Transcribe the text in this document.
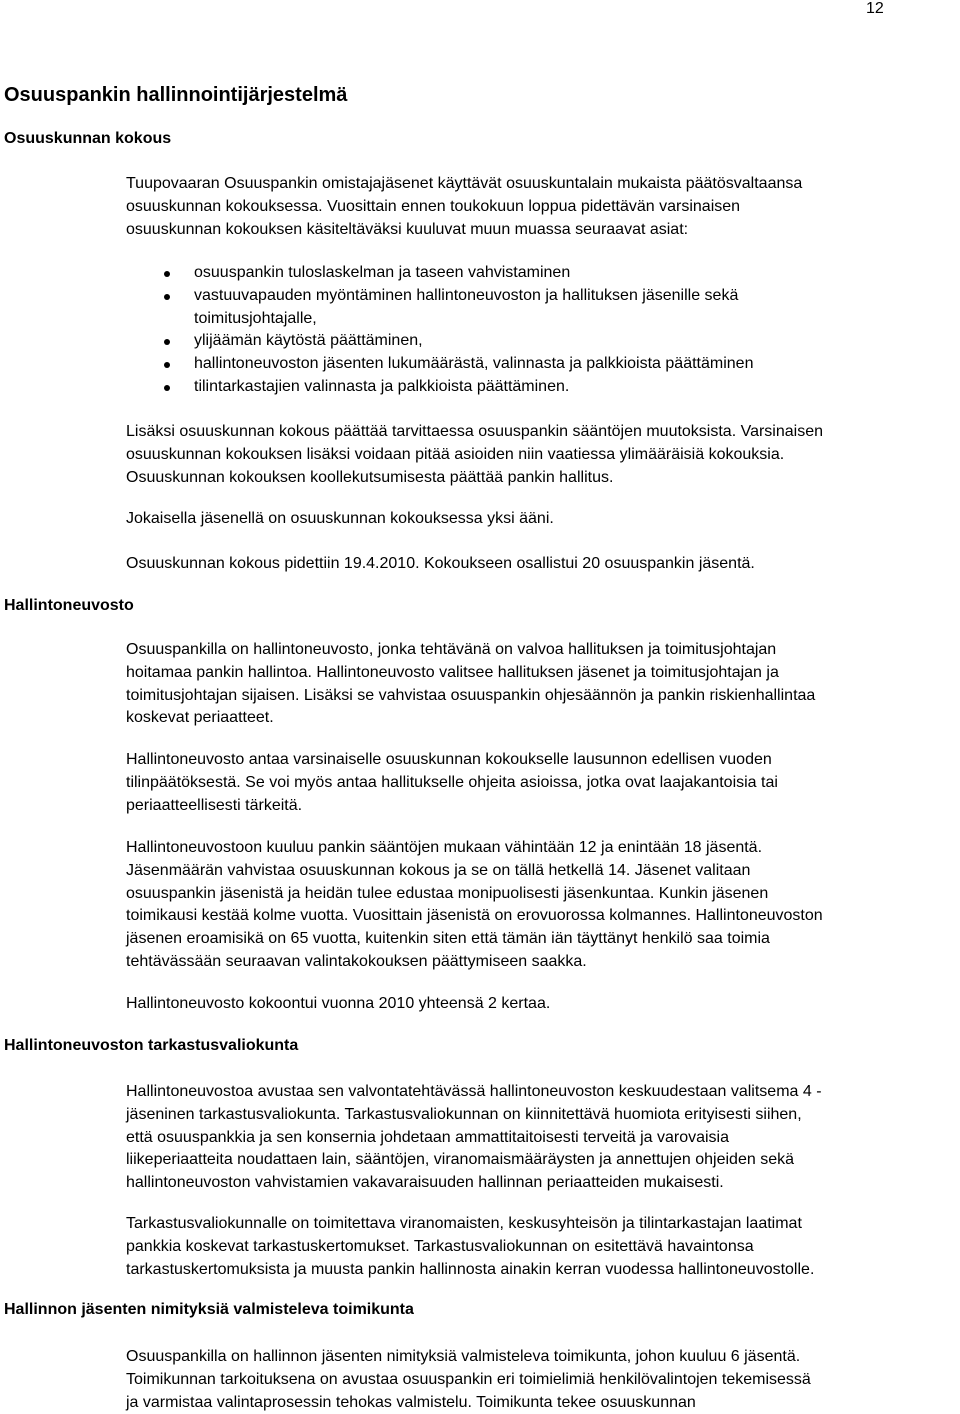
12
Osuuspankin hallinnointijärjestelmä
Osuuskunnan kokous
Tuupovaaran Osuuspankin omistajajäsenet käyttävät osuuskuntalain mukaista päätösvaltaansa
osuuskunnan kokouksessa. Vuosittain ennen toukokuun loppua pidettävän varsinaisen
osuuskunnan kokouksen käsiteltäväksi kuuluvat muun muassa seuraavat asiat:
osuuspankin tuloslaskelman ja taseen vahvistaminen
vastuuvapauden myöntäminen hallintoneuvoston ja hallituksen jäsenille sekä toimitusjohtajalle,
ylijäämän käytöstä päättäminen,
hallintoneuvoston jäsenten lukumäärästä, valinnasta ja palkkioista päättäminen
tilintarkastajien valinnasta ja palkkioista päättäminen.
Lisäksi osuuskunnan kokous päättää tarvittaessa osuuspankin sääntöjen muutoksista. Varsinaisen
osuuskunnan kokouksen lisäksi voidaan pitää asioiden niin vaatiessa ylimääräisiä kokouksia.
Osuuskunnan kokouksen koollekutsumisesta päättää pankin hallitus.
Jokaisella jäsenellä on osuuskunnan kokouksessa yksi ääni.
Osuuskunnan kokous pidettiin 19.4.2010. Kokoukseen osallistui 20 osuuspankin jäsentä.
Hallintoneuvosto
Osuuspankilla on hallintoneuvosto, jonka tehtävänä on valvoa hallituksen ja toimitusjohtajan
hoitamaa pankin hallintoa. Hallintoneuvosto valitsee hallituksen jäsenet ja toimitusjohtajan ja
toimitusjohtajan sijaisen. Lisäksi se vahvistaa osuuspankin ohjesäännön ja pankin riskienhallintaa
koskevat periaatteet.
Hallintoneuvosto antaa varsinaiselle osuuskunnan kokoukselle lausunnon edellisen vuoden
tilinpäätöksestä. Se voi myös antaa hallitukselle ohjeita asioissa, jotka ovat laajakantoisia tai
periaatteellisesti tärkeitä.
Hallintoneuvostoon kuuluu pankin sääntöjen mukaan vähintään 12 ja enintään 18 jäsentä.
Jäsenmäärän vahvistaa osuuskunnan kokous ja se on tällä hetkellä 14. Jäsenet valitaan
osuuspankin jäsenistä ja heidän tulee edustaa monipuolisesti jäsenkuntaa. Kunkin jäsenen
toimikausi kestää kolme vuotta. Vuosittain jäsenistä on erovuorossa kolmannes. Hallintoneuvoston
jäsenen eroamisikä on 65 vuotta, kuitenkin siten että tämän iän täyttänyt henkilö saa toimia
tehtävässään seuraavan valintakokouksen päättymiseen saakka.
Hallintoneuvosto kokoontui vuonna 2010 yhteensä 2 kertaa.
Hallintoneuvoston tarkastusvaliokunta
Hallintoneuvostoa avustaa sen valvontatehtävässä hallintoneuvoston keskuudestaan valitsema 4 -
jäseninen tarkastusvaliokunta. Tarkastusvaliokunnan on kiinnitettävä huomiota erityisesti siihen,
että osuuspankkia ja sen konsernia johdetaan ammattitaitoisesti terveitä ja varovaisia
liikeperiaatteita noudattaen lain, sääntöjen, viranomaismääräysten ja annettujen ohjeiden sekä
hallintoneuvoston vahvistamien vakavaraisuuden hallinnan periaatteiden mukaisesti.
Tarkastusvaliokunnalle on toimitettava viranomaisten, keskusyhteisön ja tilintarkastajan laatimat
pankkia koskevat tarkastuskertomukset. Tarkastusvaliokunnan on esitettävä havaintonsa
tarkastuskertomuksista ja muusta pankin hallinnosta ainakin kerran vuodessa hallintoneuvostolle.
Hallinnon jäsenten nimityksiä valmisteleva toimikunta
Osuuspankilla on hallinnon jäsenten nimityksiä valmisteleva toimikunta, johon kuuluu 6 jäsentä.
Toimikunnan tarkoituksena on avustaa osuuspankin eri toimielimiä henkilövalintojen tekemisessä
ja varmistaa valintaprosessin tehokas valmistelu. Toimikunta tekee osuuskunnan
